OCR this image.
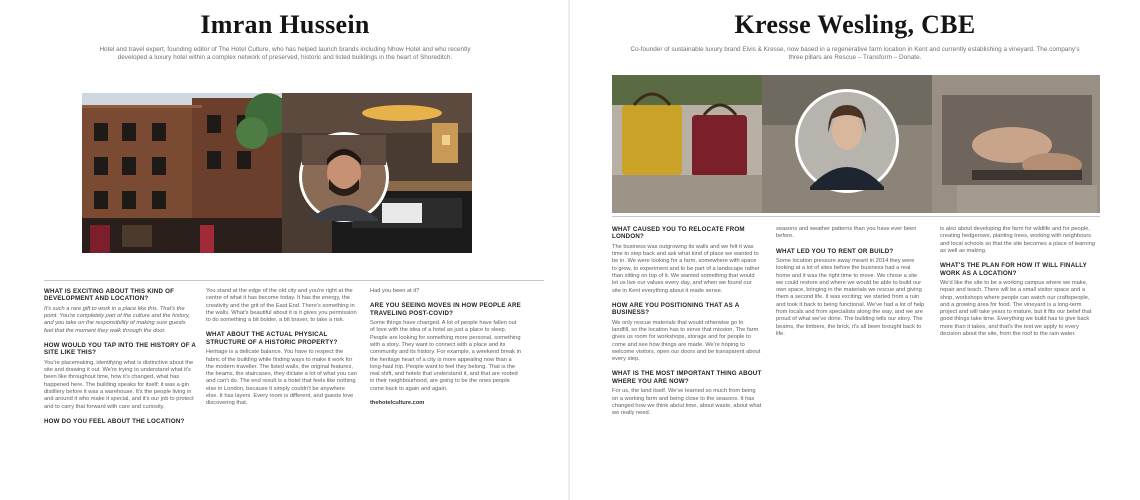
Imran Hussein
Hotel and travel expert, founding editor of The Hotel Culture, who has helped launch brands including Nhow Hotel and who recently developed a luxury hotel within a complex network of preserved, historic and listed buildings in the heart of Shoreditch.
WHAT IS EXCITING ABOUT THIS KIND OF DEVELOPMENT AND LOCATION?

It's such a rare gift to work in a place like this. That's the point. You're completely part of the culture and the history, and you take on the responsibility of making sure guests feel that the moment they walk through the door.

HOW WOULD YOU TAP INTO THE HISTORY OF A SITE LIKE THIS?

You're placemaking, identifying what is distinctive about the site and drawing it out. We're trying to understand what it's been like throughout time, how it's changed, what has happened here. The building speaks for itself; it was a gin distillery before it was a warehouse. It's the people living in and around it who make it special, and it's our job to protect and to carry that forward with care and curiosity.

HOW DO YOU FEEL ABOUT THE LOCATION?

You stand at the edge of the old city and you're right at the centre of what it has become today. It has the energy, the creativity and the grit of the East End. There's something in the walls. What's beautiful about it is it gives you permission to do something a bit bolder, a bit braver, to take a risk.

WHAT ABOUT THE ACTUAL PHYSICAL STRUCTURE OF A HISTORIC PROPERTY?

Heritage is a delicate balance. You have to respect the fabric of the building while finding ways to make it work for the modern traveller. The listed walls, the original features, the beams, the staircases, they dictate a lot of what you can and can't do. The end result is a hotel that feels like nothing else in London, because it simply couldn't be anywhere else. It has layers. Every room is different, and guests love discovering that.

Had you been at it?

ARE YOU SEEING MOVES IN HOW PEOPLE ARE TRAVELING POST-COVID?

Some things have changed. A lot of people have fallen out of love with the idea of a hotel as just a place to sleep. People are looking for something more personal, something with a story. They want to connect with a place and its community and its history. For example, a weekend break in the heritage heart of a city is more appealing now than a long-haul trip. People want to feel they belong. That is the real shift, and hotels that understand it, and that are rooted in their neighbourhood, are going to be the ones people come back to again and again.

thehotelculture.com

Kresse Wesling, CBE
Co-founder of sustainable luxury brand Elvis & Kresse, now based in a regenerative farm location in Kent and currently establishing a vineyard. The company's three pillars are Rescue – Transform – Donate.
WHAT CAUSED YOU TO RELOCATE FROM LONDON?

The business was outgrowing its walls and we felt it was time to step back and ask what kind of place we wanted to be in. We were looking for a farm, somewhere with space to grow, to experiment and to be part of a landscape rather than sitting on top of it. We wanted something that would let us live our values every day, and when we found our site in Kent everything about it made sense.

HOW ARE YOU POSITIONING THAT AS A BUSINESS?

We only rescue materials that would otherwise go to landfill, so the location has to serve that mission. The farm gives us room for workshops, storage and for people to come and see how things are made. We're hoping to welcome visitors, open our doors and be transparent about every step.

WHAT IS THE MOST IMPORTANT THING ABOUT WHERE YOU ARE NOW?

For us, the land itself. We've learned so much from being on a working farm and being close to the seasons. It has changed how we think about time, about waste, about what we really need.

seasons and weather patterns than you have ever been before.

WHAT LED YOU TO RENT OR BUILD?

Some location pressure away meant in 2014 they were looking at a lot of sites before the business had a real home and it was the right time to move. We chose a site we could restore and where we would be able to build our own space, bringing in the materials we rescue and giving them a second life. It was exciting; we started from a ruin and took it back to being functional. We've had a lot of help from locals and from specialists along the way, and we are proud of what we've done. The building tells our story. The beams, the timbers, the brick, it's all been brought back to life.

is also about developing the farm for wildlife and for people, creating hedgerows, planting trees, working with neighbours and local schools so that the site becomes a place of learning as well as making.

WHAT'S THE PLAN FOR HOW IT WILL FINALLY WORK AS A LOCATION?

We'd like the site to be a working campus where we make, repair and teach. There will be a small visitor space and a shop, workshops where people can watch our craftspeople, and a growing area for food. The vineyard is a long-term project and will take years to mature, but it fits our belief that good things take time. Everything we build has to give back more than it takes, and that's the test we apply to every decision about the site, from the roof to the rain water.
